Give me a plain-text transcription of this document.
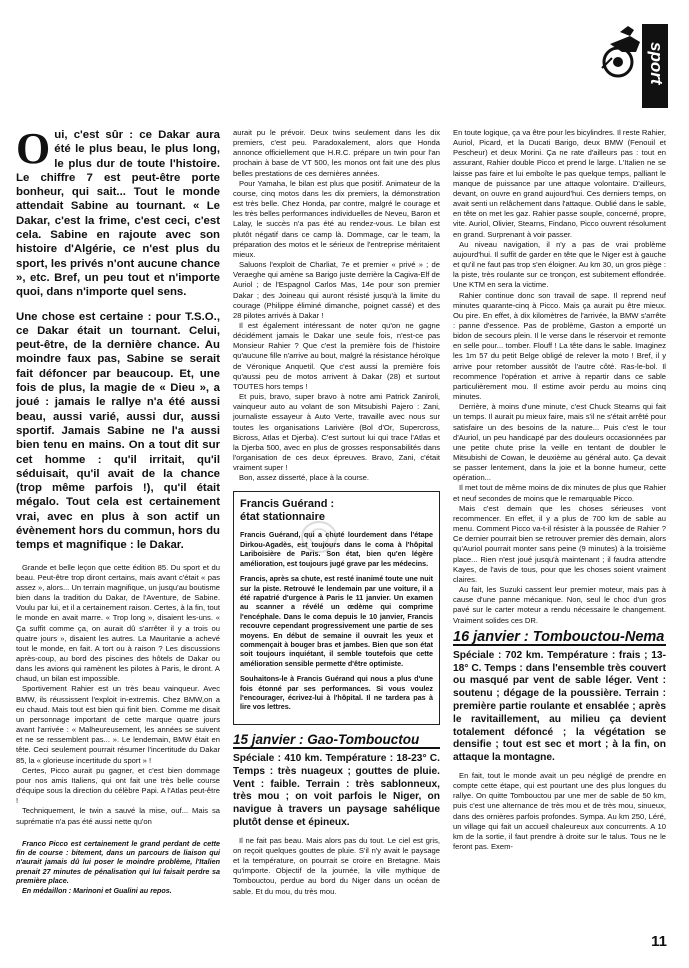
sport
Oui, c'est sûr : ce Dakar aura été le plus beau, le plus long, le plus dur de toute l'histoire. Le chiffre 7 est peut-être porte bonheur, qui sait... Tout le monde attendait Sabine au tournant. « Le Dakar, c'est la frime, c'est ceci, c'est cela. Sabine en rajoute avec son histoire d'Algérie, ce n'est plus du sport, les privés n'ont aucune chance », etc. Bref, un peu tout et n'importe quoi, dans n'importe quel sens.
Une chose est certaine : pour T.S.O., ce Dakar était un tournant. Celui, peut-être, de la dernière chance. Au moindre faux pas, Sabine se serait fait défoncer par beaucoup. Et, une fois de plus, la magie de « Dieu », a joué : jamais le rallye n'a été aussi beau, aussi varié, aussi dur, aussi sportif. Jamais Sabine ne l'a aussi bien tenu en mains. On a tout dit sur cet homme : qu'il irritait, qu'il séduisait, qu'il avait de la chance (trop même parfois !), qu'il était mégalo. Tout cela est certainement vrai, avec en plus à son actif un évènement hors du commun, hors du temps et magnifique : le Dakar.

Grande et belle leçon que cette édition 85. Du sport et du beau. Peut-être trop diront certains, mais avant c'était « pas assez », alors... Un terrain magnifique, un jusqu'au boutisme bien dans la tradition du Dakar, de l'Aventure, de Sabine. Voulu par lui, et il a certainement raison. Certes, à la fin, tout le monde en avait marre. « Trop long », disaient les-uns. « Ça suffit comme ça, on aurait dû s'arrêter il y a trois ou quatre jours », disaient les autres. La Mauritanie a achevé tout le monde, en fait. A tort ou à raison ? Les discussions après-coup, au bord des piscines des hôtels de Dakar ou dans les avions qui ramènent les pilotes à Paris, le diront. A chaud, un bilan est impossible.

Sportivement Rahier est un très beau vainqueur. Avec BMW, ils réussissent l'exploit in-extremis. Chez BMW,on a eu chaud. Mais tout est bien qui finit bien. Comme me disait un personnage important de cette marque quatre jours avant l'arrivée : « Malheureusement, les années se suivent et ne se ressemblent pas... ». Le lendemain, BMW était en tête. Ceci seulement pourrait résumer l'incertitude du Dakar 85, la « glorieuse incertitude du sport » !

Certes, Picco aurait pu gagner, et c'est bien dommage pour nos amis Italiens, qui ont fait une très belle course d'équipe sous la direction du célèbre Papi. A l'Atlas peut-être !

Techniquement, le twin a sauvé la mise, ouf... Mais sa suprématie n'a pas été aussi nette qu'on

Franco Picco est certainement le grand perdant de cette fin de course : bitement, dans un parcours de liaison qui n'aurait jamais dû lui poser le moindre problème, l'Italien prenait 27 minutes de pénalisation qui lui faisait perdre sa première place.

En médaillon : Marinoni et Gualini au repos.

aurait pu le prévoir. Deux twins seulement dans les dix premiers, c'est peu. Paradoxalement, alors que Honda annonce officiellement que H.R.C. prépare un twin pour l'an prochain à base de VT 500, les monos ont fait une des plus belles prestations de ces dernières années.

Pour Yamaha, le bilan est plus que positif. Animateur de la course, cinq motos dans les dix premiers, la démonstration est très belle. Chez Honda, par contre, malgré le courage et les très belles performances individuelles de Neveu, Baron et Lalay, le succès n'a pas été au rendez-vous. Le bilan est plutôt négatif dans ce camp là. Dommage, car le team, la préparation des motos et le sérieux de l'entreprise méritaient mieux.

Saluons l'exploit de Charliat, 7e et premier « privé » ; de Veraeghe qui amène sa Barigo juste derrière la Cagiva-Elf de Auriol ; de l'Espagnol Carlos Mas, 14e pour son premier Dakar ; des Joineau qui auront résisté jusqu'à la limite du courage (Philippe éliminé dimanche, poignet cassé) et des 28 pilotes arrivés à Dakar !

Il est également intéressant de noter qu'on ne gagne décidément jamais le Dakar une seule fois, n'est-ce pas Monsieur Rahier ? Que c'est la première fois de l'histoire qu'aucune fille n'arrive au bout, malgré la résistance héroïque de Véronique Anquetil. Que c'est aussi la première fois qu'aussi peu de motos arrivent à Dakar (28) et surtout TOUTES hors temps !

Et puis, bravo, super bravo à notre ami Patrick Zaniroli, vainqueur auto au volant de son Mitsubishi Pajero : Zani, journaliste essayeur à Auto Verte, travaille avec nous sur toutes les organisations Larivière (Bol d'Or, Supercross, Bicross, Atlas et Djerba). C'est surtout lui qui trace l'Atlas et la Djerba 500, avec en plus de grosses responsabilités dans l'organisation de ces deux épreuves. Bravo, Zani, c'était vraiment super !

Bon, assez disserté, place à la course.

Francis Guérand :
état stationnaire

Francis Guérand, qui a chuté lourdement dans l'étape Dirkou-Agadès, est toujours dans le coma à l'hôpital Lariboisière de Paris. Son état, bien qu'en légère amélioration, est toujours jugé grave par les médecins.

Francis, après sa chute, est resté inanimé toute une nuit sur la piste. Retrouvé le lendemain par une voiture, il a été rapatrié d'urgence à Paris le 11 janvier. Un examen au scanner a révélé un œdème qui comprime l'encéphale. Dans le coma depuis le 10 janvier, Francis recouvre cependant progressivement une partie de ses moyens. En début de semaine il ouvrait les yeux et commençait à bouger bras et jambes. Bien que son état soit toujours inquiétant, il semble toutefois que cette amélioration sensible permette d'être optimiste.

Souhaitons-le à Francis Guérand qui nous a plus d'une fois étonné par ses performances. Si vous voulez l'encourager, écrivez-lui à l'hôpital. Il ne tardera pas à lire vos lettres.

15 janvier : Gao-Tombouctou
Spéciale : 410 km. Température : 18-23° C. Temps : très nuageux ; gouttes de pluie. Vent : faible. Terrain : très sablonneux, très mou ; on voit parfois le Niger, on navigue à travers un paysage sahélique plutôt dense et épineux.

Il ne fait pas beau. Mais alors pas du tout. Le ciel est gris, on reçoit quelques gouttes de pluie. S'il n'y avait le paysage et la température, on pourrait se croire en Bretagne. Mais qu'importe. Objectif de la journée, la ville mythique de Tombouctou, perdue au bord du Niger dans un océan de sable. Et du mou, du très mou.

En toute logique, ça va être pour les bicylindres. Il reste Rahier, Auriol, Picard, et la Ducati Barigo, deux BMW (Fenouil et Pescheur) et deux Morini. Ça ne rate d'ailleurs pas : tout en assurant, Rahier double Picco et prend le large. L'Italien ne se laisse pas faire et lui emboîte le pas quelque temps, palliant le manque de puissance par une attaque volontaire. D'ailleurs, devant, on ouvre en grand aujourd'hui. Ces derniers temps, on avait senti un relâchement dans l'attaque. Oublié dans le sable, en tête on met les gaz. Rahier passe souple, concerné, propre, vite. Auriol, Olivier, Stearns, Findano, Picco ouvrent résolument en grand. Surprenant à voir passer.

Au niveau navigation, il n'y a pas de vrai problème aujourd'hui. Il suffit de garder en tête que le Niger est à gauche et qu'il ne faut pas trop s'en éloigner. Au km 30, un gros piège : la piste, très roulante sur ce tronçon, est subitement effondrée. Une KTM en sera la victime.

Rahier continue donc son travail de sape. Il reprend neuf minutes quarante-cinq à Picco. Mais ça aurait pu être mieux. Ou pire. En effet, à dix kilomètres de l'arrivée, la BMW s'arrête : panne d'essence. Pas de problème, Gaston a emporté un bidon de secours plein. Il le verse dans le réservoir et remonte en selle pour... tomber. Flouff ! La tête dans le sable. Imaginez les 1m 57 du petit Belge obligé de relever la moto ! Bref, il y arrive pour retomber aussitôt de l'autre côté. Ras-le-bol. Il recommence l'opération et arrive à repartir dans ce sable particulièrement mou. Il estime avoir perdu au moins cinq minutes.

Derrière, à moins d'une minute, c'est Chuck Stearns qui fait un temps. Il aurait pu mieux faire, mais s'il ne s'était arrêté pour satisfaire un des besoins de la nature... Puis c'est le tour d'Auriol, un peu handicapé par des douleurs occasionnées par une petite chute prise la veille en tentant de doubler le Mitsubishi de Cowan, le deuxième au général auto. Ça devait se passer lentement, dans la joie et la bonne humeur, cette opération...

Il met tout de même moins de dix minutes de plus que Rahier et neuf secondes de moins que le remarquable Picco.

Mais c'est demain que les choses sérieuses vont recommencer. En effet, il y a plus de 700 km de sable au menu. Comment Picco va-t-il résister à la poussée de Rahier ? Ce dernier pourrait bien se retrouver premier dès demain, alors qu'Auriol pourrait monter sans peine (9 minutes) à la troisième place... Rien n'est joué jusqu'à maintenant ; il faudra attendre Kayes, de l'avis de tous, pour que les choses soient vraiment claires.

Au fait, les Suzuki cassent leur premier moteur, mais pas à cause d'une panne mécanique. Non, seul le choc d'un gros pavé sur le carter moteur a rendu nécessaire le changement. Vraiment solides ces DR.

16 janvier : Tombouctou-Nema
Spéciale : 702 km. Température : frais ; 13-18° C. Temps : dans l'ensemble très couvert ou masqué par vent de sable léger. Vent : soutenu ; dégage de la poussière. Terrain : première partie roulante et ensablée ; après le ravitaillement, au milieu ça devient totalement défoncé ; la végétation se densifie ; tout est sec et mort ; à la fin, on attaque la montagne.

En fait, tout le monde avait un peu négligé de prendre en compte cette étape, qui est pourtant une des plus longues du rallye. On quitte Tombouctou par une mer de sable de 50 km, puis c'est une alternance de très mou et de très mou, sinueux, dans des ornières parfois profondes. Sympa. Au km 250, Léré, un village qui fait un accueil chaleureux aux concurrents. A 10 km de la sortie, il faut prendre à droite sur le talus. Tous ne le feront pas. Exem-

11
